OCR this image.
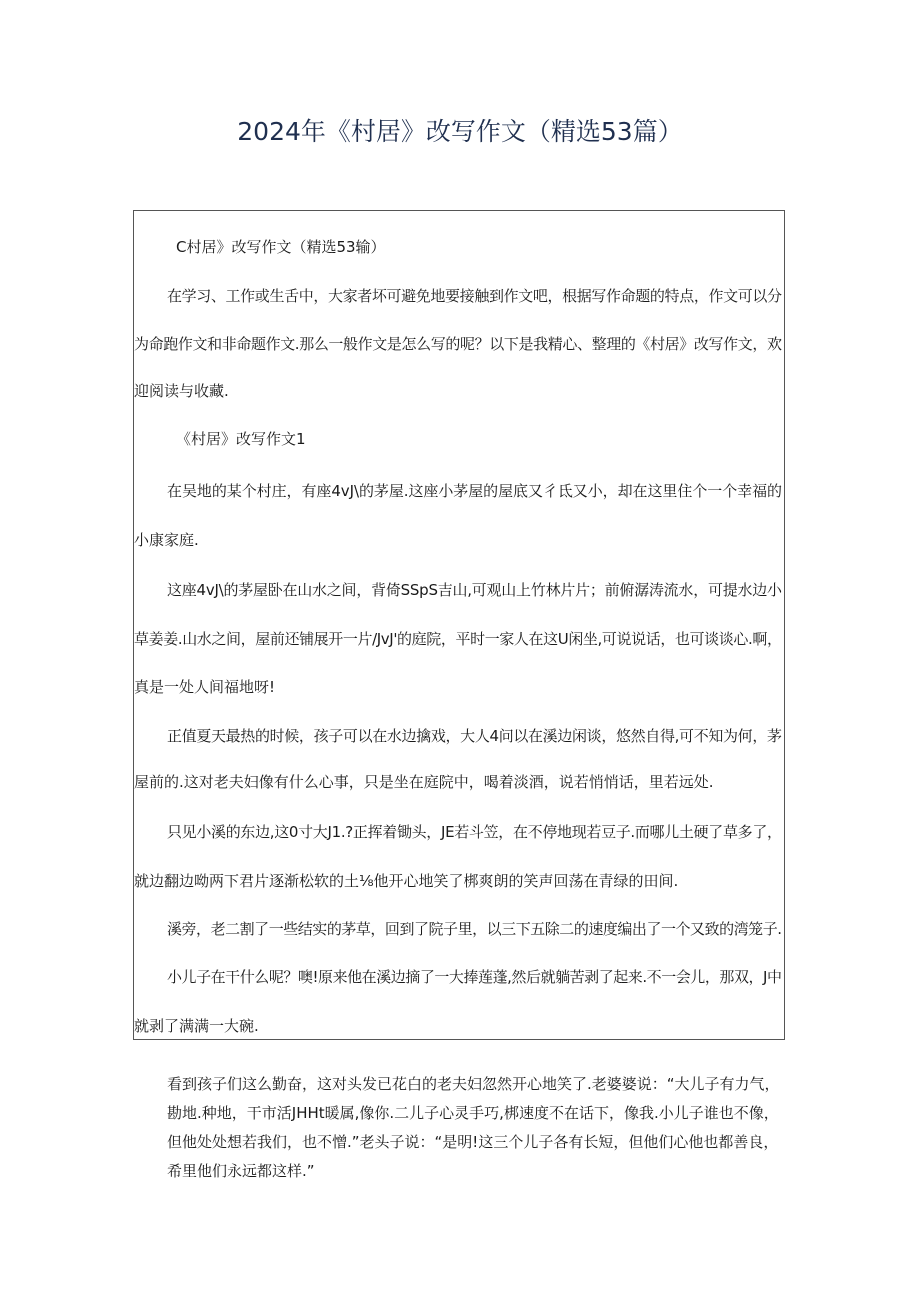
2024年《村居》改写作文（精选53篇）
C村居》改写作文（精选53输）
在学习、工作或生舌中，大家者坏可避免地要接触到作文吧，根据写作命题的特点，作文可以分
为命跑作文和非命题作文.那么一般作文是怎么写的呢？以下是我精心、整理的《村居》改写作文，欢
迎阅读与收藏.
《村居》改写作文1
在吴地的某个村庄，有座4vJ\的茅屋.这座小茅屋的屋底又彳氐又小，却在这里住个一个幸福的
小康家庭.
这座4vJ\的茅屋卧在山水之间，背倚SSpS吉山,可观山上竹林片片；前俯潺涛流水，可提水边小
草姜姜.山水之间，屋前还铺展开一片/JvJ'的庭院，平时一家人在这U闲坐,可说说话，也可谈谈心.啊，
真是一处人间福地呀!
正值夏天最热的时候，孩子可以在水边擒戏，大人4问以在溪边闲谈，悠然自得,可不知为何，茅
屋前的.这对老夫妇像有什么心事，只是坐在庭院中，喝着淡酒，说若悄悄话，里若远处.
只见小溪的东边,这0寸大J1.?正挥着锄头，JE若斗笠，在不停地现若豆子.而哪儿土硬了草多了，
就边翻边呦两下君片逐渐松软的土⅛他开心地笑了梆爽朗的笑声回荡在青绿的田间.
溪旁，老二割了一些结实的茅草，回到了院子里，以三下五除二的速度编出了一个又致的湾笼子.
小儿子在干什么呢？噢!原来他在溪边摘了一大捧莲蓬,然后就躺苦剥了起来.不一会儿，那双，J中
就剥了满满一大碗.
看到孩子们这么勤奋，这对头发已花白的老夫妇忽然开心地笑了.老婆婆说：“大儿子有力气，勘地.种地，干市活JHHt暖属,像你.二儿子心灵手巧,梆速度不在话下，像我.小儿子谁也不像，但他处处想若我们，也不憎.”老头子说：“是明!这三个儿子各有长短，但他们心他也都善良，希里他们永远都这样.”
